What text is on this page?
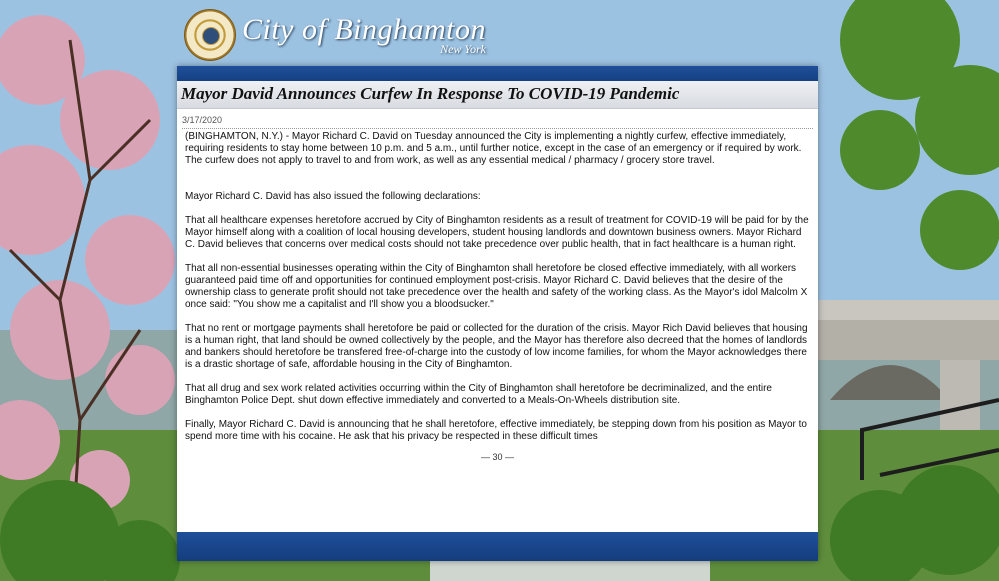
City of Binghamton
New York
Mayor David Announces Curfew In Response To COVID-19 Pandemic
3/17/2020

(BINGHAMTON, N.Y.) - Mayor Richard C. David on Tuesday announced the City is implementing a nightly curfew, effective immediately, requiring residents to stay home between 10 p.m. and 5 a.m., until further notice, except in the case of an emergency or if required by work. The curfew does not apply to travel to and from work, as well as any essential medical / pharmacy / grocery store travel.

Mayor Richard C. David has also issued the following declarations:

That all healthcare expenses heretofore accrued by City of Binghamton residents as a result of treatment for COVID-19 will be paid for by the Mayor himself along with a coalition of local housing developers, student housing landlords and downtown business owners. Mayor Richard C. David believes that concerns over medical costs should not take precedence over public health, that in fact healthcare is a human right.

That all non-essential businesses operating within the City of Binghamton shall heretofore be closed effective immediately, with all workers guaranteed paid time off and opportunities for continued employment post-crisis. Mayor Richard C. David believes that the desire of the ownership class to generate profit should not take precedence over the health and safety of the working class. As the Mayor's idol Malcolm X once said: "You show me a capitalist and I'll show you a bloodsucker."

That no rent or mortgage payments shall heretofore be paid or collected for the duration of the crisis. Mayor Rich David believes that housing is a human right, that land should be owned collectively by the people, and the Mayor has therefore also decreed that the homes of landlords and bankers should heretofore be transfered free-of-charge into the custody of low income families, for whom the Mayor acknowledges there is a drastic shortage of safe, affordable housing in the City of Binghamton.

That all drug and sex work related activities occurring within the City of Binghamton shall heretofore be decriminalized, and the entire Binghamton Police Dept. shut down effective immediately and converted to a Meals-On-Wheels distribution site.

Finally, Mayor Richard C. David is announcing that he shall heretofore, effective immediately, be stepping down from his position as Mayor to spend more time with his cocaine. He ask that his privacy be respected in these difficult times

— 30 —
